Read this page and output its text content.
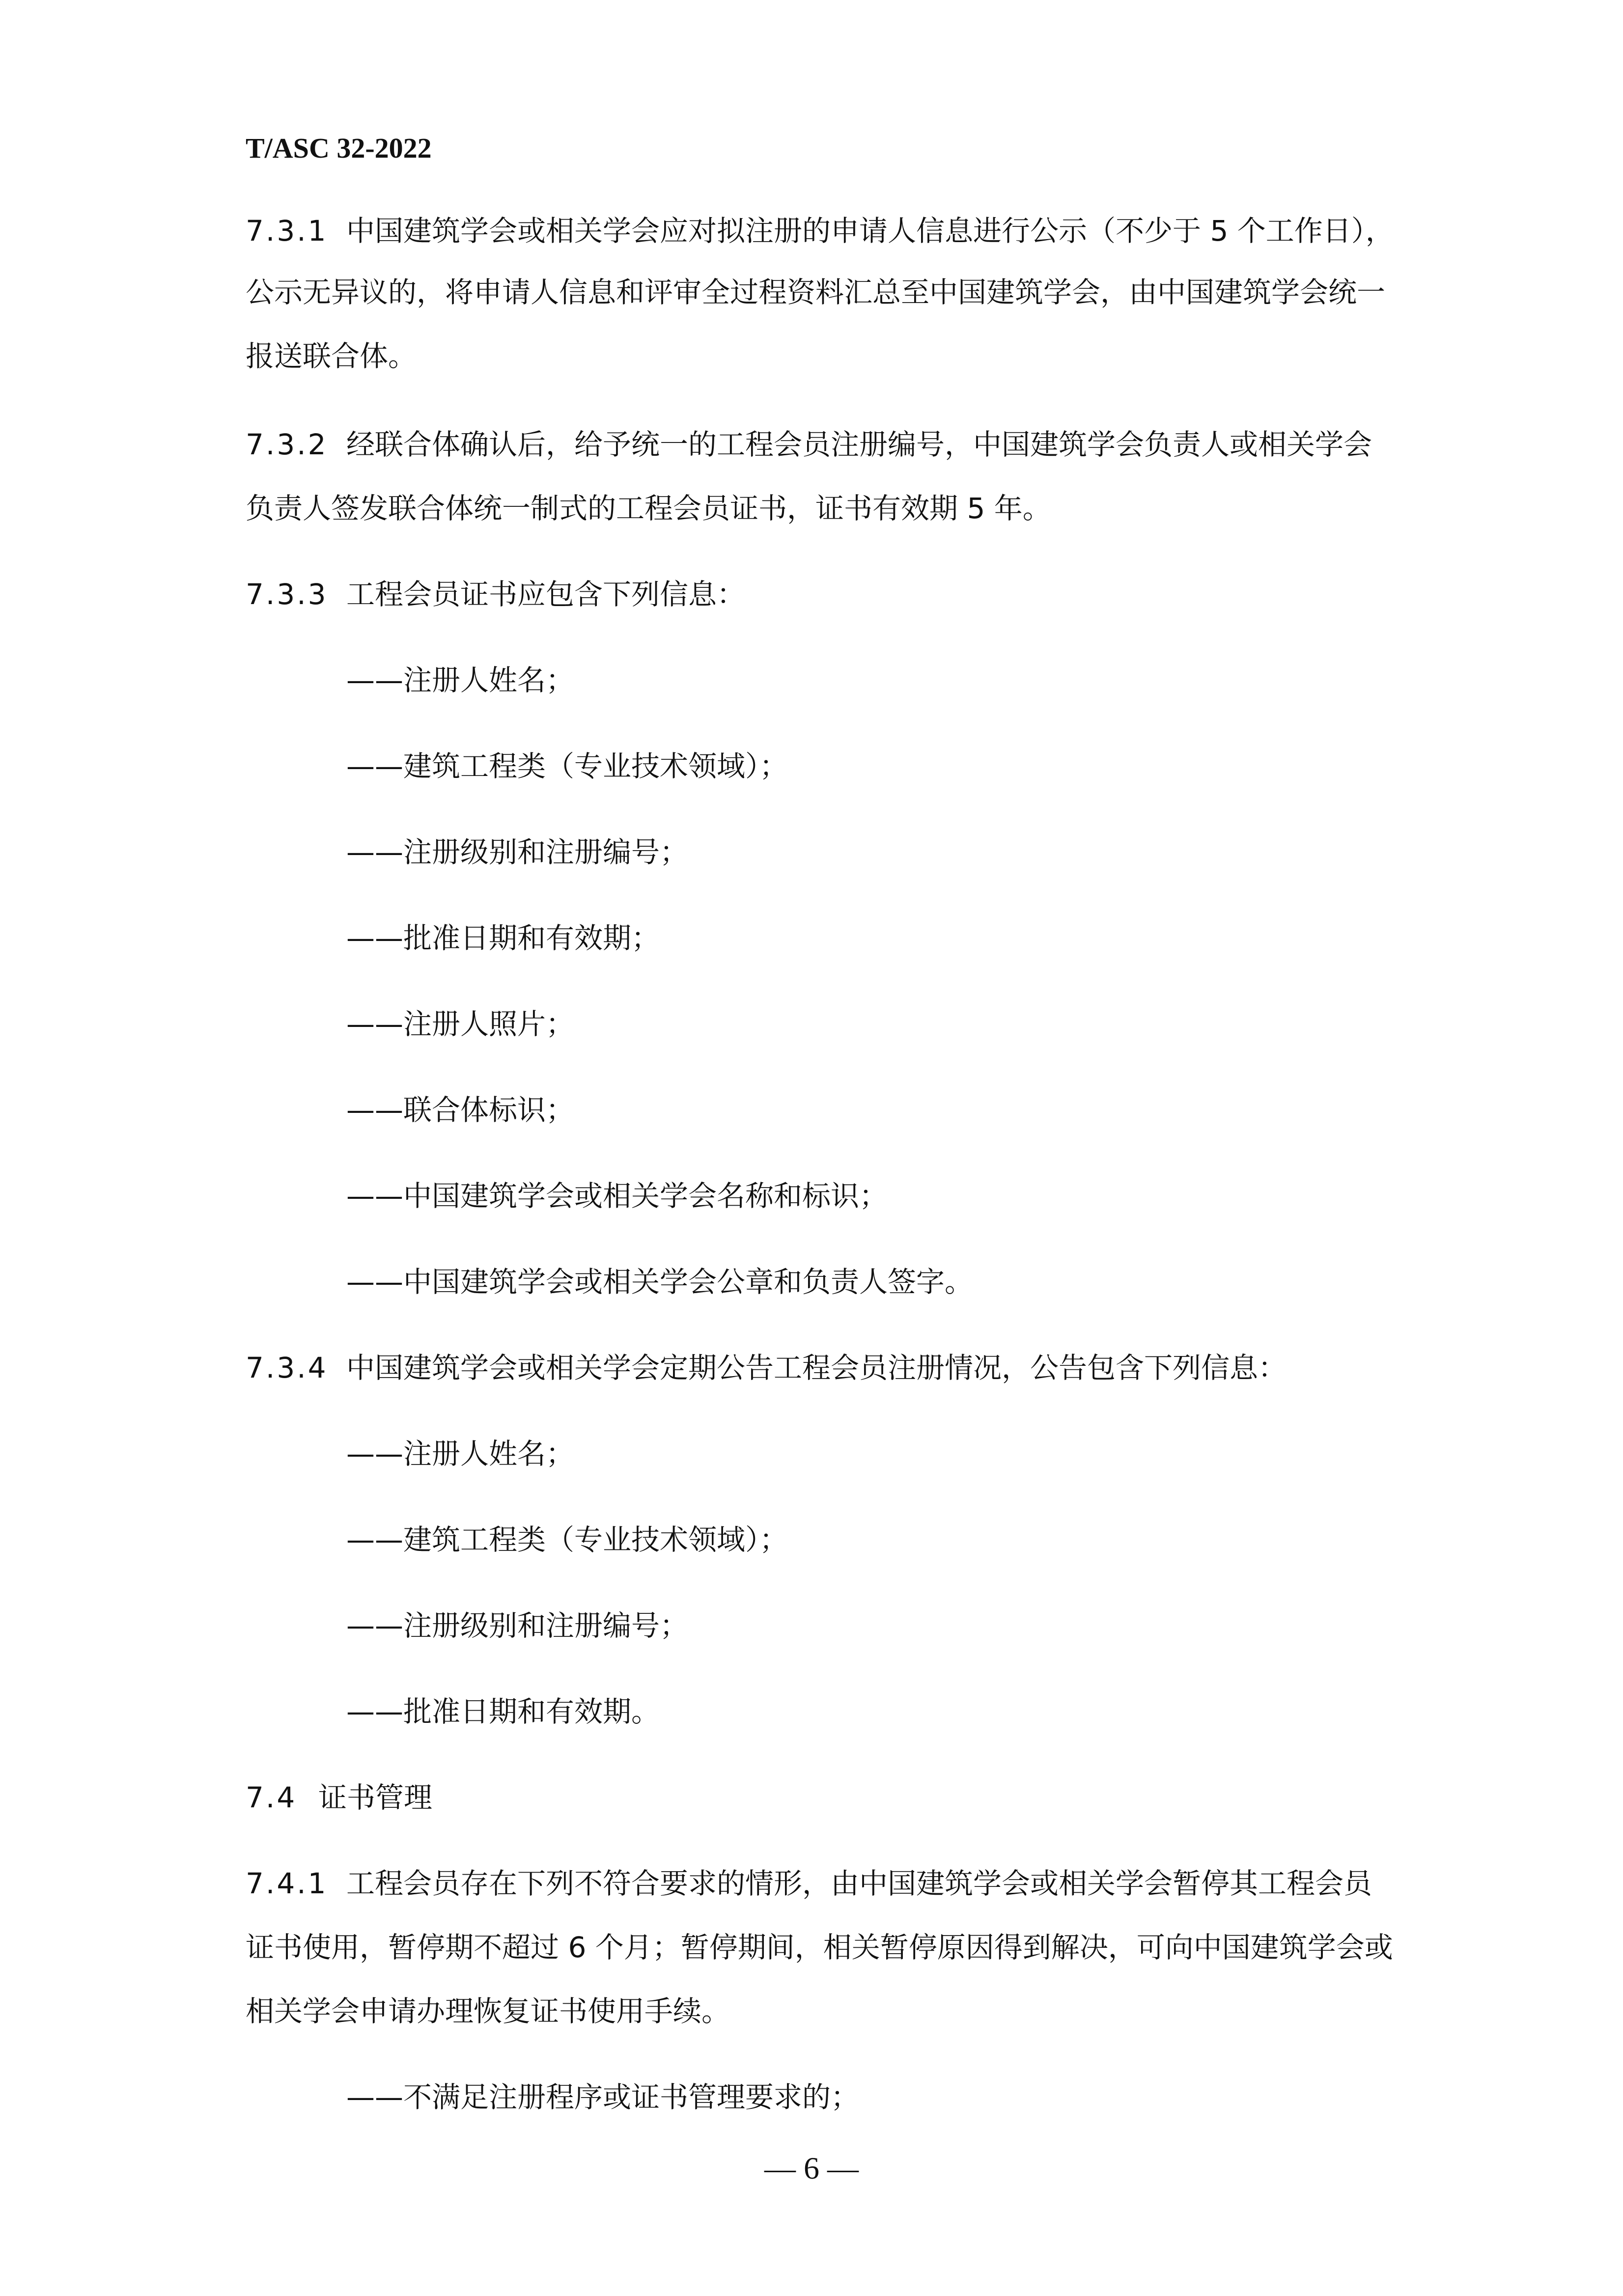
T/ASC 32-2022
7.3.1 中国建筑学会或相关学会应对拟注册的申请人信息进行公示（不少于 5 个工作日），
公示无异议的，将申请人信息和评审全过程资料汇总至中国建筑学会，由中国建筑学会统一
报送联合体。
7.3.2 经联合体确认后，给予统一的工程会员注册编号，中国建筑学会负责人或相关学会
负责人签发联合体统一制式的工程会员证书，证书有效期 5 年。
7.3.3 工程会员证书应包含下列信息：
——注册人姓名；
——建筑工程类（专业技术领域）；
——注册级别和注册编号；
——批准日期和有效期；
——注册人照片；
——联合体标识；
——中国建筑学会或相关学会名称和标识；
——中国建筑学会或相关学会公章和负责人签字。
7.3.4 中国建筑学会或相关学会定期公告工程会员注册情况，公告包含下列信息：
——注册人姓名；
——建筑工程类（专业技术领域）；
——注册级别和注册编号；
——批准日期和有效期。
7.4 证书管理
7.4.1 工程会员存在下列不符合要求的情形，由中国建筑学会或相关学会暂停其工程会员
证书使用，暂停期不超过 6 个月；暂停期间，相关暂停原因得到解决，可向中国建筑学会或
相关学会申请办理恢复证书使用手续。
——不满足注册程序或证书管理要求的；
— 6 —
